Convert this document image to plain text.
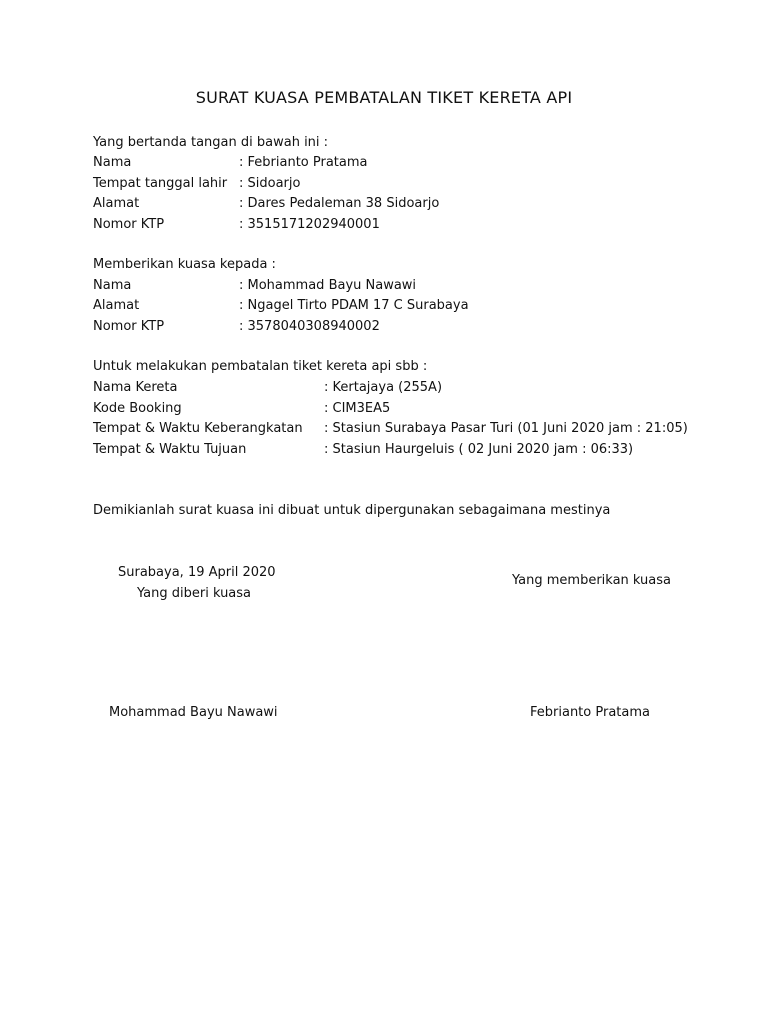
SURAT KUASA PEMBATALAN TIKET KERETA API
Yang bertanda tangan di bawah ini :
Nama	: Febrianto Pratama
Tempat tanggal lahir : Sidoarjo
Alamat	: Dares Pedaleman 38 Sidoarjo
Nomor KTP	: 3515171202940001
Memberikan kuasa kepada :
Nama	: Mohammad Bayu Nawawi
Alamat	: Ngagel Tirto PDAM 17 C Surabaya
Nomor KTP	: 3578040308940002
Untuk melakukan pembatalan tiket kereta api sbb :
Nama Kereta	: Kertajaya (255A)
Kode Booking	: CIM3EA5
Tempat & Waktu Keberangkatan : Stasiun Surabaya Pasar Turi (01 Juni 2020 jam : 21:05)
Tempat & Waktu Tujuan	: Stasiun Haurgeluis ( 02 Juni 2020 jam : 06:33)
Demikianlah surat kuasa ini dibuat untuk dipergunakan sebagaimana mestinya
Surabaya, 19 April 2020
Yang diberi kuasa
Yang memberikan kuasa
Mohammad Bayu Nawawi	Febrianto Pratama
